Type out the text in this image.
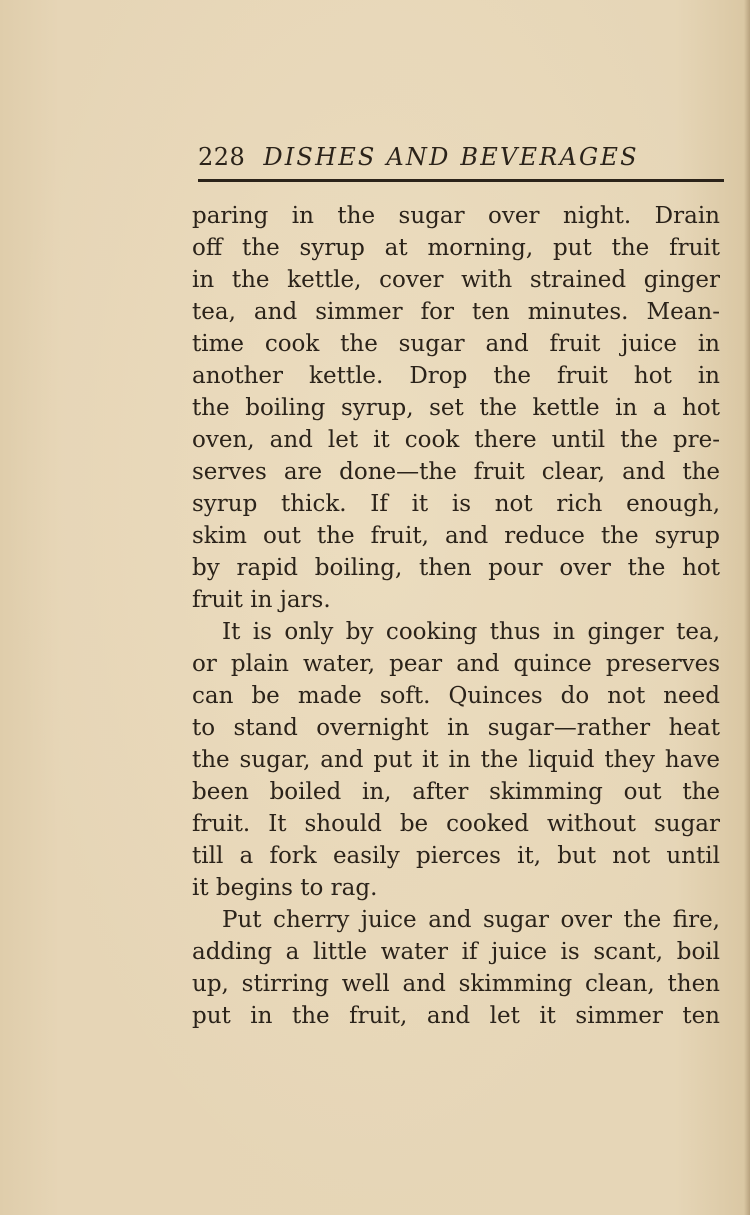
228 DISHES AND BEVERAGES
paring in the sugar over night. Drain
off the syrup at morning, put the fruit
in the kettle, cover with strained ginger
tea, and simmer for ten minutes. Mean-
time cook the sugar and fruit juice in
another kettle. Drop the fruit hot in
the boiling syrup, set the kettle in a hot
oven, and let it cook there until the pre-
serves are done—the fruit clear, and the
syrup thick. If it is not rich enough,
skim out the fruit, and reduce the syrup
by rapid boiling, then pour over the hot
fruit in jars.
It is only by cooking thus in ginger tea,
or plain water, pear and quince preserves
can be made soft. Quinces do not need
to stand overnight in sugar—rather heat
the sugar, and put it in the liquid they have
been boiled in, after skimming out the
fruit. It should be cooked without sugar
till a fork easily pierces it, but not until
it begins to rag.
Put cherry juice and sugar over the fire,
adding a little water if juice is scant, boil
up, stirring well and skimming clean, then
put in the fruit, and let it simmer ten
